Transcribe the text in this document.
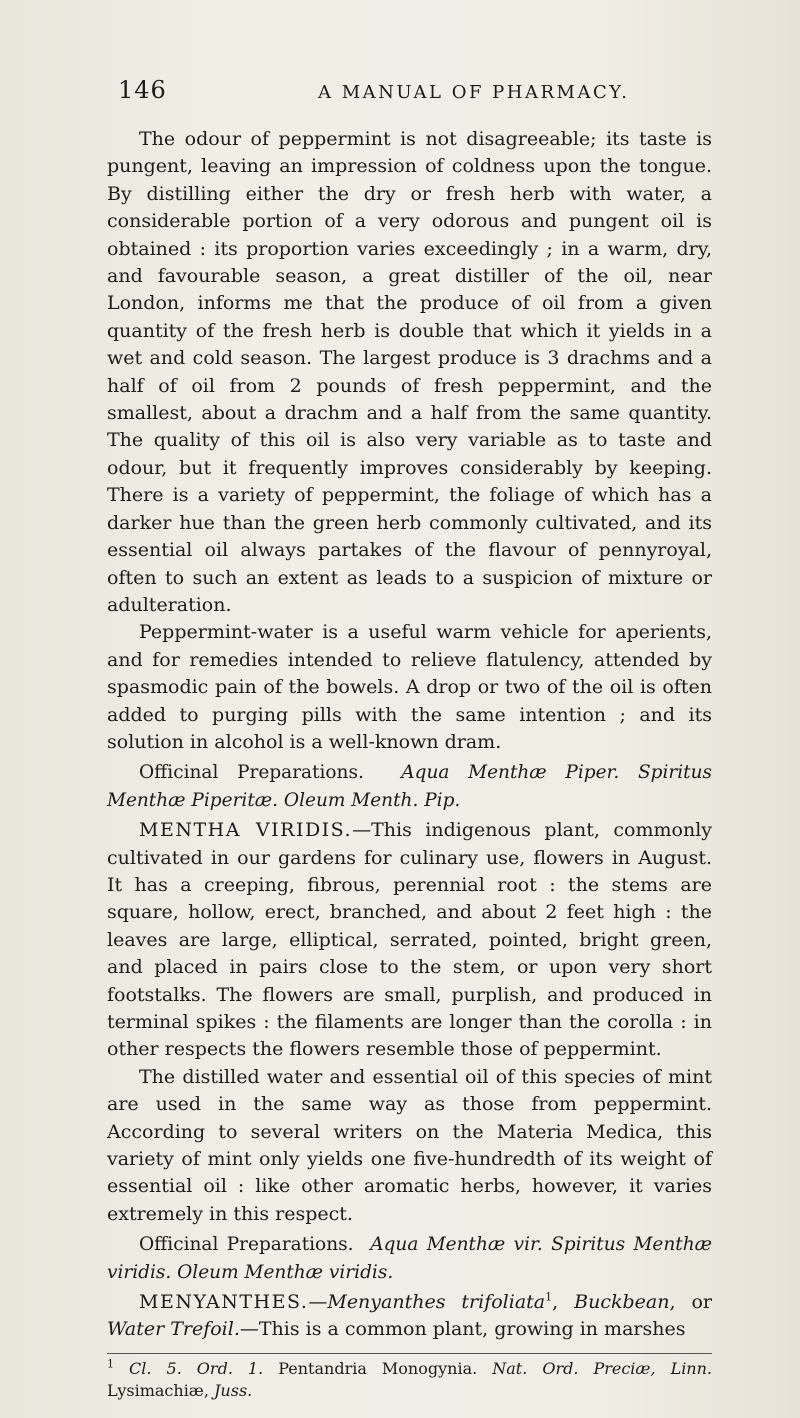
146	A MANUAL OF PHARMACY.

The odour of peppermint is not disagreeable; its taste is pungent, leaving an impression of coldness upon the tongue. By distilling either the dry or fresh herb with water, a considerable portion of a very odorous and pungent oil is obtained : its proportion varies exceedingly ; in a warm, dry, and favourable season, a great distiller of the oil, near London, informs me that the produce of oil from a given quantity of the fresh herb is double that which it yields in a wet and cold season. The largest produce is 3 drachms and a half of oil from 2 pounds of fresh peppermint, and the smallest, about a drachm and a half from the same quantity. The quality of this oil is also very variable as to taste and odour, but it frequently improves considerably by keeping. There is a variety of peppermint, the foliage of which has a darker hue than the green herb commonly cultivated, and its essential oil always partakes of the flavour of pennyroyal, often to such an extent as leads to a suspicion of mixture or adulteration.

Peppermint-water is a useful warm vehicle for aperients, and for remedies intended to relieve flatulency, attended by spasmodic pain of the bowels. A drop or two of the oil is often added to purging pills with the same intention ; and its solution in alcohol is a well-known dram.

Officinal Preparations. Aqua Menthæ Piper. Spiritus Menthæ Piperitæ. Oleum Menth. Pip.

MENTHA VIRIDIS.—This indigenous plant, commonly cultivated in our gardens for culinary use, flowers in August. It has a creeping, fibrous, perennial root : the stems are square, hollow, erect, branched, and about 2 feet high : the leaves are large, elliptical, serrated, pointed, bright green, and placed in pairs close to the stem, or upon very short footstalks. The flowers are small, purplish, and produced in terminal spikes : the filaments are longer than the corolla : in other respects the flowers resemble those of peppermint.

The distilled water and essential oil of this species of mint are used in the same way as those from peppermint. According to several writers on the Materia Medica, this variety of mint only yields one five-hundredth of its weight of essential oil : like other aromatic herbs, however, it varies extremely in this respect.

Officinal Preparations. Aqua Menthæ vir. Spiritus Menthæ viridis. Oleum Menthæ viridis.

MENYANTHES.—Menyanthes trifoliata$^1$, Buckbean, or Water Trefoil.—This is a common plant, growing in marshes

$^1$ Cl. 5. Ord. 1. Pentandria Monogynia. Nat. Ord. Preciæ, Linn. Lysimachiæ, Juss.
